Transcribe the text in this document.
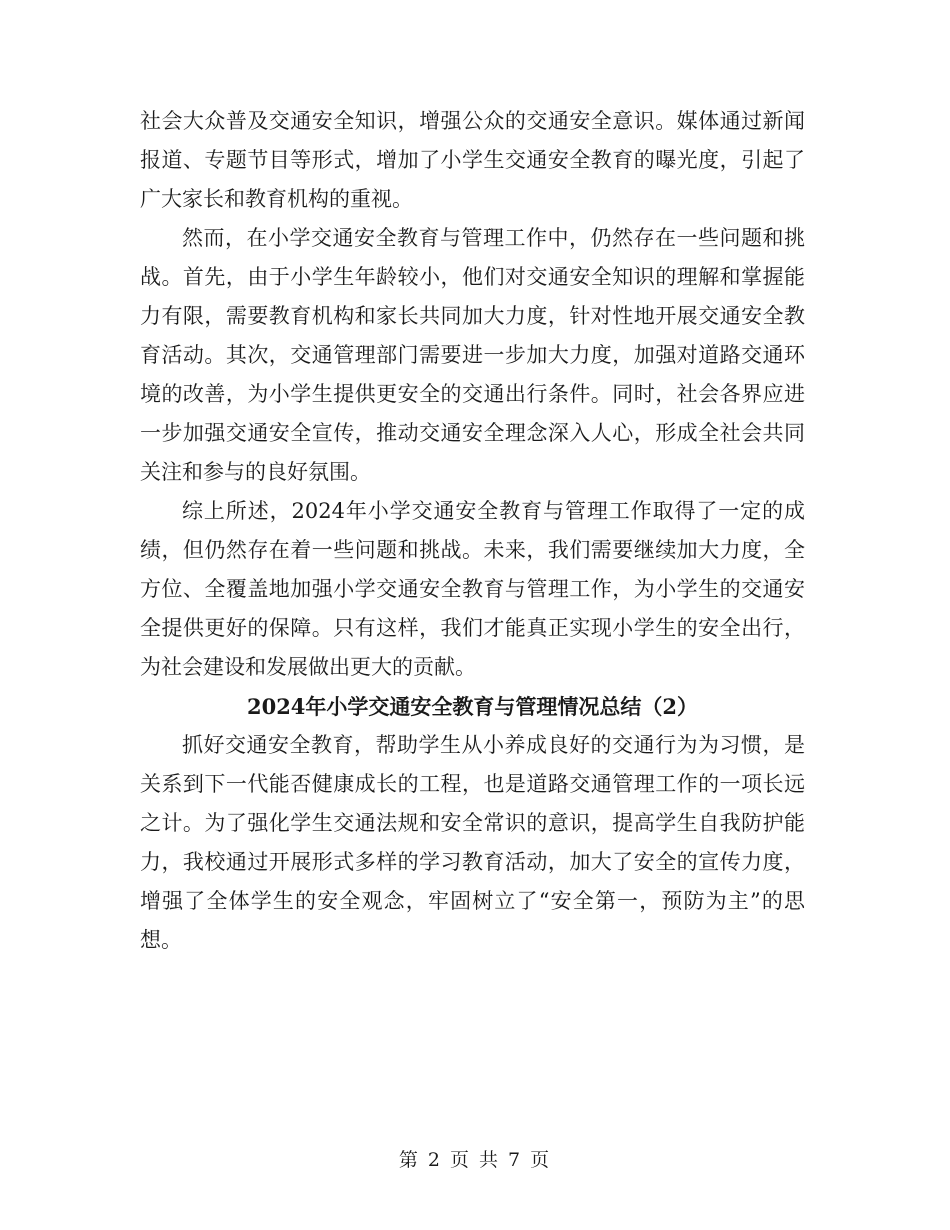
社会大众普及交通安全知识，增强公众的交通安全意识。媒体通过新闻报道、专题节目等形式，增加了小学生交通安全教育的曝光度，引起了广大家长和教育机构的重视。

然而，在小学交通安全教育与管理工作中，仍然存在一些问题和挑战。首先，由于小学生年龄较小，他们对交通安全知识的理解和掌握能力有限，需要教育机构和家长共同加大力度，针对性地开展交通安全教育活动。其次，交通管理部门需要进一步加大力度，加强对道路交通环境的改善，为小学生提供更安全的交通出行条件。同时，社会各界应进一步加强交通安全宣传，推动交通安全理念深入人心，形成全社会共同关注和参与的良好氛围。

综上所述，2024年小学交通安全教育与管理工作取得了一定的成绩，但仍然存在着一些问题和挑战。未来，我们需要继续加大力度，全方位、全覆盖地加强小学交通安全教育与管理工作，为小学生的交通安全提供更好的保障。只有这样，我们才能真正实现小学生的安全出行，为社会建设和发展做出更大的贡献。

2024年小学交通安全教育与管理情况总结（2）

抓好交通安全教育，帮助学生从小养成良好的交通行为为习惯，是关系到下一代能否健康成长的工程，也是道路交通管理工作的一项长远之计。为了强化学生交通法规和安全常识的意识，提高学生自我防护能力，我校通过开展形式多样的学习教育活动，加大了安全的宣传力度，增强了全体学生的安全观念，牢固树立了“安全第一，预防为主”的思想。

第 2 页 共 7 页
